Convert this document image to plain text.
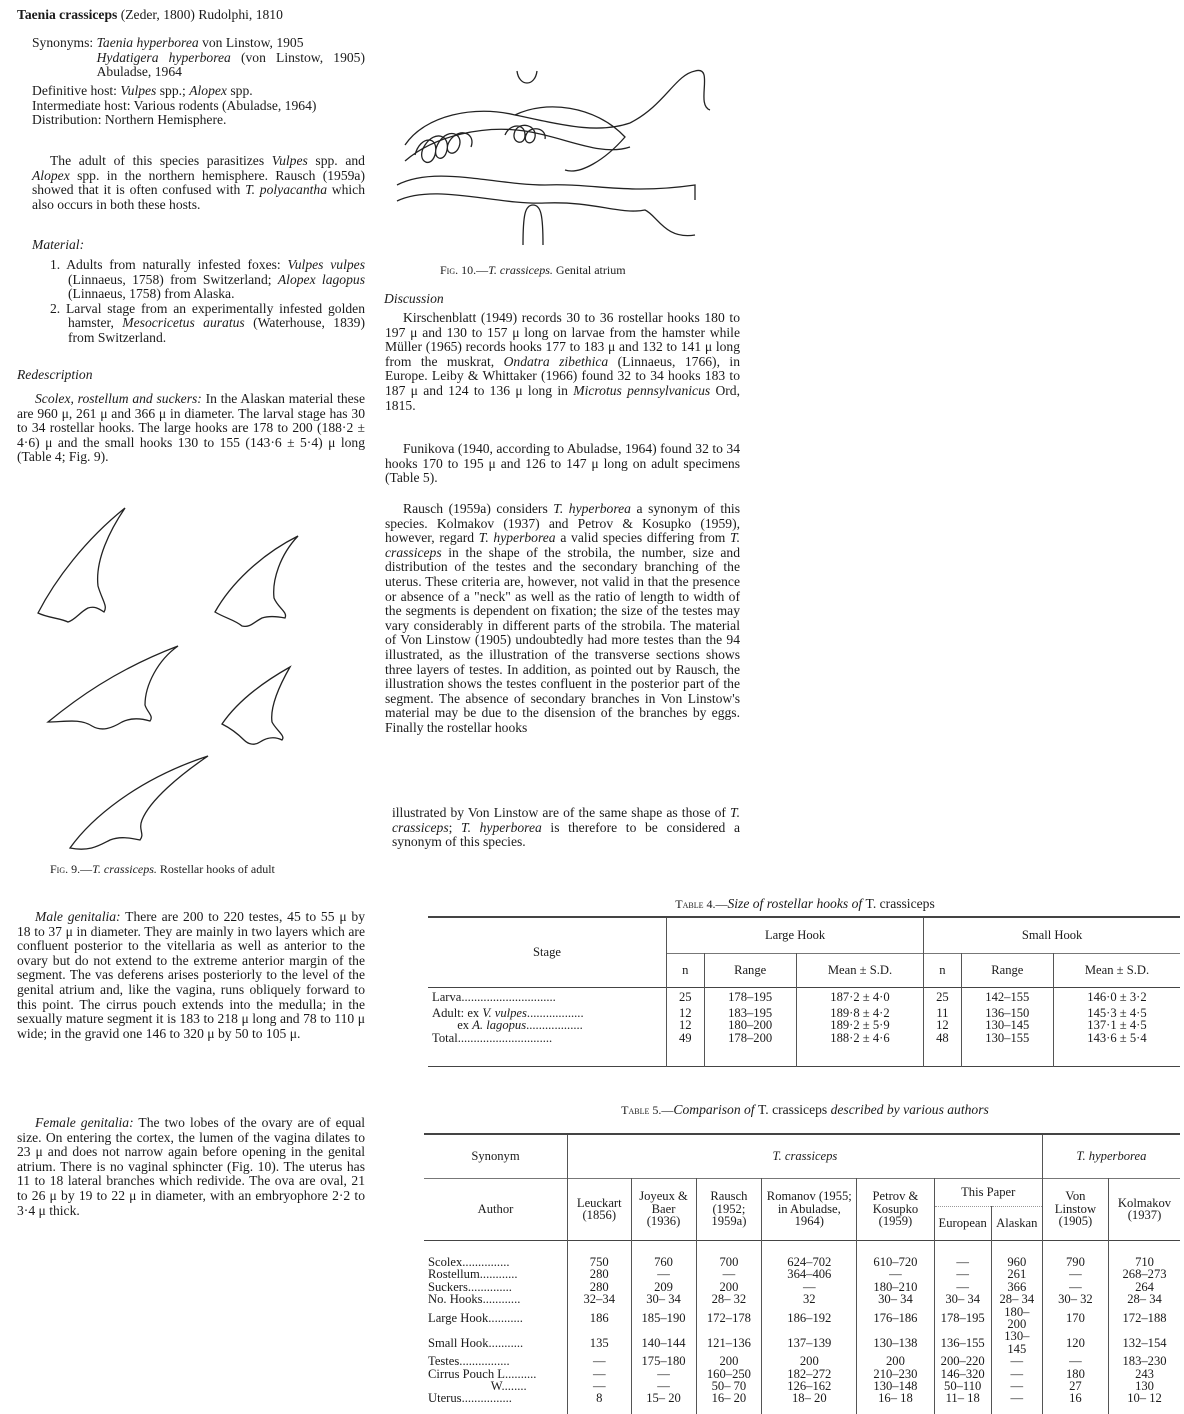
Taenia crassiceps (Zeder, 1800) Rudolphi, 1810
Synonyms: Taenia hyperborea von Linstow, 1905
Hydatigera hyperborea (von Linstow, 1905) Abuladse, 1964

Definitive host: Vulpes spp.; Alopex spp.

Intermediate host: Various rodents (Abuladse, 1964)

Distribution: Northern Hemisphere.

The adult of this species parasitizes Vulpes spp. and Alopex spp. in the northern hemisphere. Rausch (1959a) showed that it is often confused with T. polyacantha which also occurs in both these hosts.

Material:

1. Adults from naturally infested foxes: Vulpes vulpes (Linnaeus, 1758) from Switzerland; Alopex lagopus (Linnaeus, 1758) from Alaska.

2. Larval stage from an experimentally infested golden hamster, Mesocricetus auratus (Waterhouse, 1839) from Switzerland.

Redescription

Scolex, rostellum and suckers: In the Alaskan material these are 960 μ, 261 μ and 366 μ in diameter. The larval stage has 30 to 34 rostellar hooks. The large hooks are 178 to 200 (188·2 ± 4·6) μ and the small hooks 130 to 155 (143·6 ± 5·4) μ long (Table 4; Fig. 9).

Fig. 9.—T. crassiceps. Rostellar hooks of adult

Male genitalia: There are 200 to 220 testes, 45 to 55 μ by 18 to 37 μ in diameter. They are mainly in two layers which are confluent posterior to the vitellaria as well as anterior to the ovary but do not extend to the extreme anterior margin of the segment. The vas deferens arises posteriorly to the level of the genital atrium and, like the vagina, runs obliquely forward to this point. The cirrus pouch extends into the medulla; in the sexually mature segment it is 183 to 218 μ long and 78 to 110 μ wide; in the gravid one 146 to 320 μ by 50 to 105 μ.

Female genitalia: The two lobes of the ovary are of equal size. On entering the cortex, the lumen of the vagina dilates to 23 μ and does not narrow again before opening in the genital atrium. There is no vaginal sphincter (Fig. 10). The uterus has 11 to 18 lateral branches which redivide. The ova are oval, 21 to 26 μ by 19 to 22 μ in diameter, with an embryophore 2·2 to 3·4 μ thick.

Fig. 10.—T. crassiceps. Genital atrium
Discussion

Kirschenblatt (1949) records 30 to 36 rostellar hooks 180 to 197 μ and 130 to 157 μ long on larvae from the hamster while Müller (1965) records hooks 177 to 183 μ and 132 to 141 μ long from the muskrat, Ondatra zibethica (Linnaeus, 1766), in Europe. Leiby & Whittaker (1966) found 32 to 34 hooks 183 to 187 μ and 124 to 136 μ long in Microtus pennsylvanicus Ord, 1815.

Funikova (1940, according to Abuladse, 1964) found 32 to 34 hooks 170 to 195 μ and 126 to 147 μ long on adult specimens (Table 5).

Rausch (1959a) considers T. hyperborea a synonym of this species. Kolmakov (1937) and Petrov & Kosupko (1959), however, regard T. hyperborea a valid species differing from T. crassiceps in the shape of the strobila, the number, size and distribution of the testes and the secondary branching of the uterus. These criteria are, however, not valid in that the presence or absence of a "neck" as well as the ratio of length to width of the segments is dependent on fixation; the size of the testes may vary considerably in different parts of the strobila. The material of Von Linstow (1905) undoubtedly had more testes than the 94 illustrated, as the illustration of the transverse sections shows three layers of testes. In addition, as pointed out by Rausch, the illustration shows the testes confluent in the posterior part of the segment. The absence of secondary branches in Von Linstow's material may be due to the disension of the branches by eggs. Finally the rostellar hooks

illustrated by Von Linstow are of the same shape as those of T. crassiceps; T. hyperborea is therefore to be considered a synonym of this species.

Table 4.—Size of rostellar hooks of T. crassiceps
Stage	Large Hook			Small Hook		
	n	Range	Mean ± S.D.	n	Range	Mean ± S.D.
Larva..............................	25	178–195	187·2 ± 4·0	25	142–155	146·0 ± 3·2
Adult: ex V. vulpes..................	12	183–195	189·8 ± 4·2	11	136–150	145·3 ± 4·5
ex A. lagopus..................	12	180–200	189·2 ± 5·9	12	130–145	137·1 ± 4·5
Total..............................	49	178–200	188·2 ± 4·6	48	130–155	143·6 ± 5·4

Table 5.—Comparison of T. crassiceps described by various authors
Synonym	T. crassiceps							T. hyperborea	
Author	Leuckart (1856)	Joyeux & Baer (1936)	Rausch (1952; 1959a)	Romanov (1955; in Abuladse, 1964)	Petrov & Kosupko (1959)	This Paper		Von Linstow (1905)	Kolmakov (1937)
						European	Alaskan		

Scolex...............	750	760	700	624–702	610–720	—	960	790	710
Rostellum............	280	—	—	364–406	—	—	261	—	268–273
Suckers..............	280	209	200	—	180–210	—	366	—	264
No. Hooks............	32–34	30– 34	28– 32	32	30– 34	30– 34	28– 34	30– 32	28– 34
Large Hook...........	186	185–190	172–178	186–192	176–186	178–195	180–200	170	172–188
Small Hook...........	135	140–144	121–136	137–139	130–138	136–155	130–145	120	132–154
Testes................	—	175–180	200	200	200	200–220	—	—	183–230
Cirrus Pouch L..........	—	—	160–250	182–272	210–230	146–320	—	180	243
W........	—	—	50– 70	126–162	130–148	50–110	—	27	130
Uterus................	8	15– 20	16– 20	18– 20	16– 18	11– 18	—	16	10– 12
